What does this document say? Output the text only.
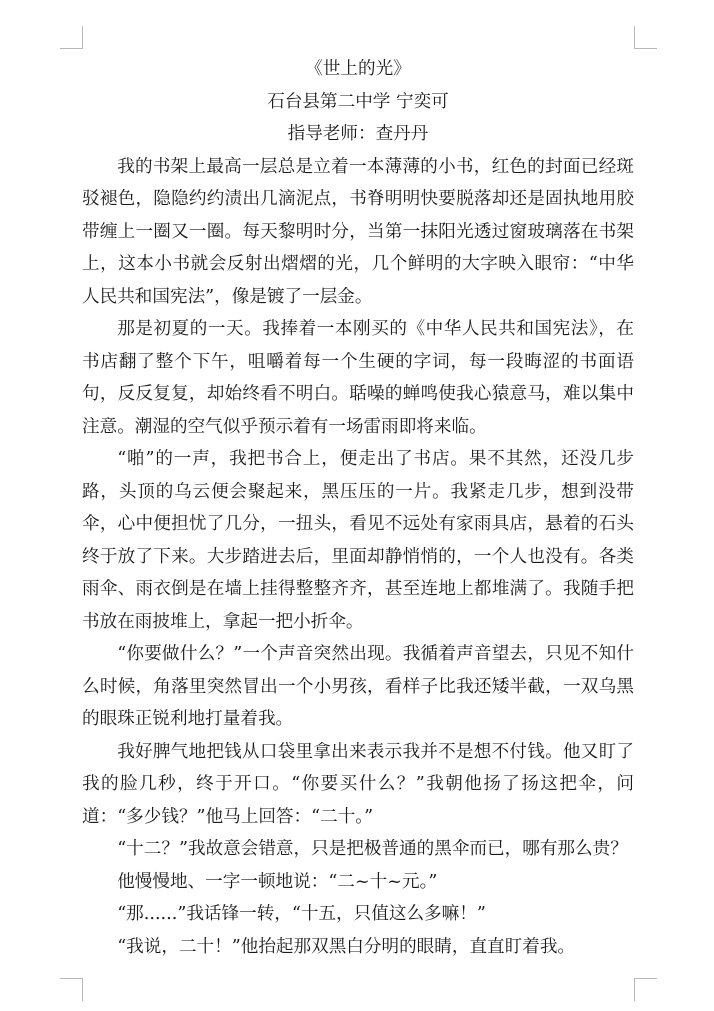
《世上的光》
石台县第二中学 宁奕可
指导老师：查丹丹

我的书架上最高一层总是立着一本薄薄的小书，红色的封面已经斑驳褪色，隐隐约约渍出几滴泥点，书脊明明快要脱落却还是固执地用胶带缠上一圈又一圈。每天黎明时分，当第一抹阳光透过窗玻璃落在书架上，这本小书就会反射出熠熠的光，几个鲜明的大字映入眼帘：“中华人民共和国宪法”，像是镀了一层金。

那是初夏的一天。我捧着一本刚买的《中华人民共和国宪法》，在书店翻了整个下午，咀嚼着每一个生硬的字词，每一段晦涩的书面语句，反反复复，却始终看不明白。聒噪的蝉鸣使我心猿意马，难以集中注意。潮湿的空气似乎预示着有一场雷雨即将来临。

“啪”的一声，我把书合上，便走出了书店。果不其然，还没几步路，头顶的乌云便会聚起来，黑压压的一片。我紧走几步，想到没带伞，心中便担忧了几分，一扭头，看见不远处有家雨具店，悬着的石头终于放了下来。大步踏进去后，里面却静悄悄的，一个人也没有。各类雨伞、雨衣倒是在墙上挂得整整齐齐，甚至连地上都堆满了。我随手把书放在雨披堆上，拿起一把小折伞。

“你要做什么？”一个声音突然出现。我循着声音望去，只见不知什么时候，角落里突然冒出一个小男孩，看样子比我还矮半截，一双乌黑的眼珠正锐利地打量着我。

我好脾气地把钱从口袋里拿出来表示我并不是想不付钱。他又盯了我的脸几秒，终于开口。“你要买什么？”我朝他扬了扬这把伞，问道：“多少钱？”他马上回答：“二十。”

“十二？”我故意会错意，只是把极普通的黑伞而已，哪有那么贵？

他慢慢地、一字一顿地说：“二~十~元。”

“那......”我话锋一转，“十五，只值这么多嘛！”

“我说，二十！”他抬起那双黑白分明的眼睛，直直盯着我。
